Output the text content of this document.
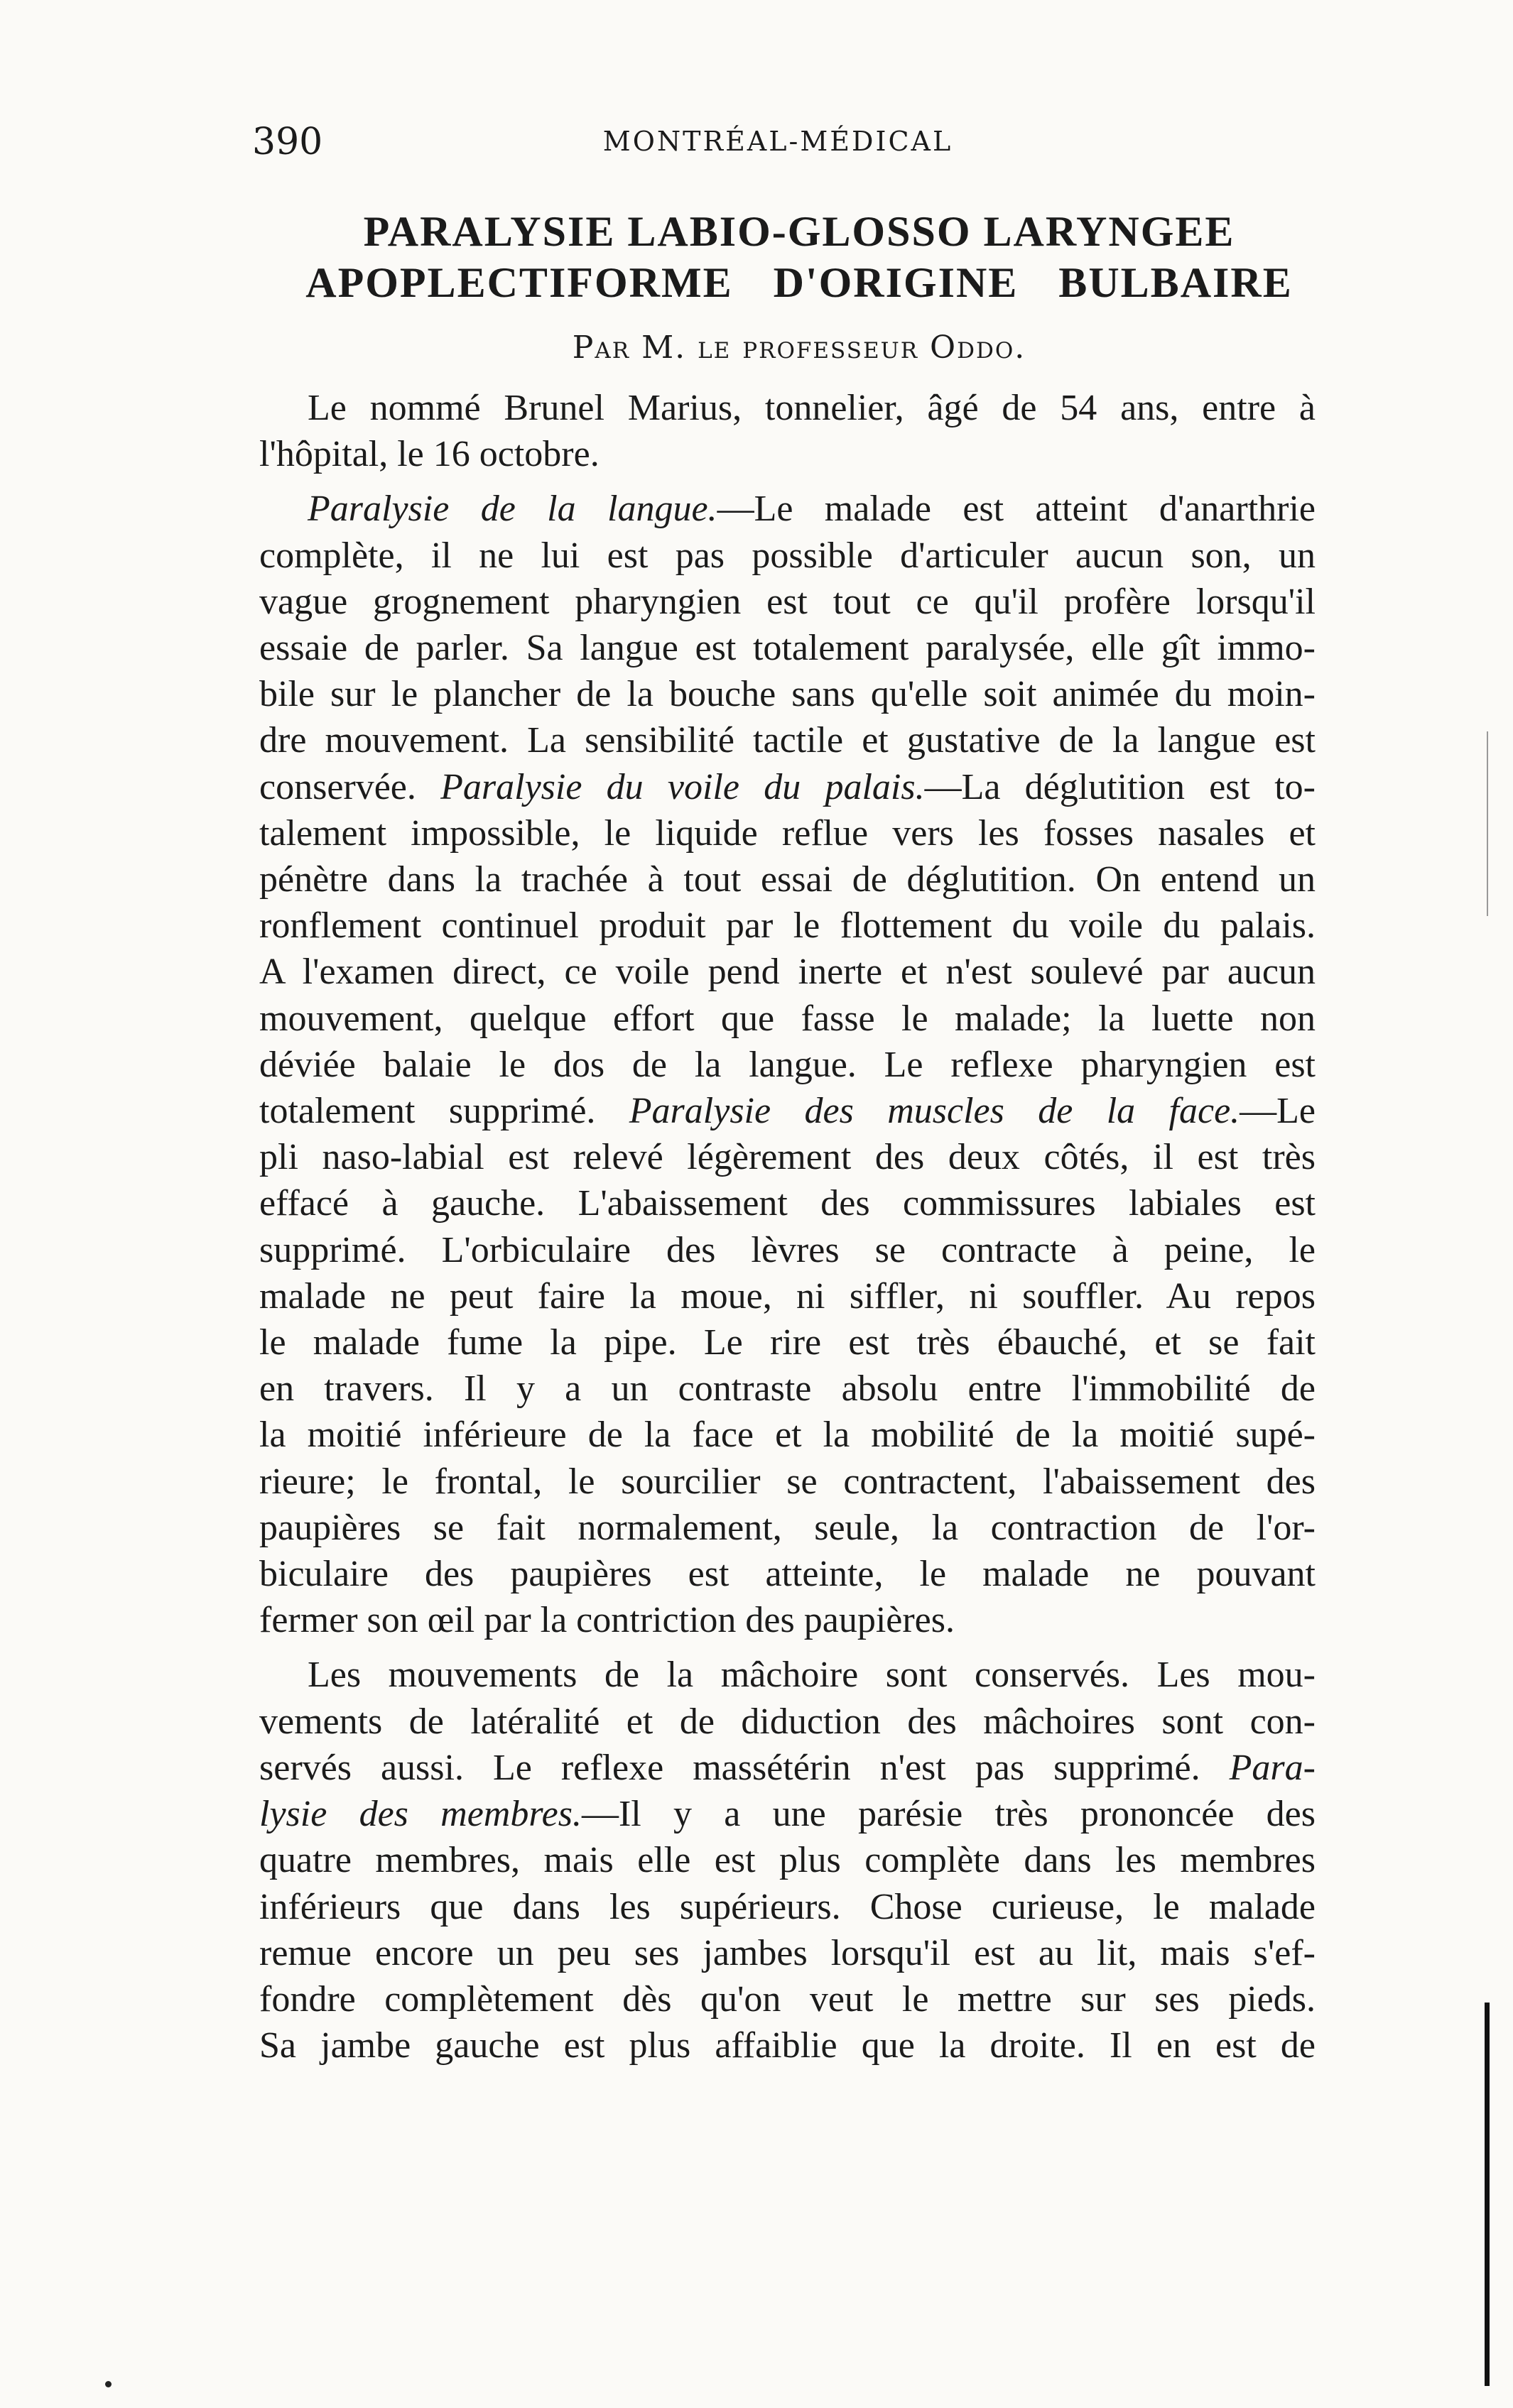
390	MONTRÉAL-MÉDICAL
PARALYSIE LABIO-GLOSSO LARYNGEE
APOPLECTIFORME D'ORIGINE BULBAIRE
Par M. le professeur Oddo.

Le nommé Brunel Marius, tonnelier, âgé de 54 ans, entre à
l'hôpital, le 16 octobre.

Paralysie de la langue.—Le malade est atteint d'anarthrie
complète, il ne lui est pas possible d'articuler aucun son, un
vague grognement pharyngien est tout ce qu'il profère lorsqu'il
essaie de parler. Sa langue est totalement paralysée, elle gît immo-
bile sur le plancher de la bouche sans qu'elle soit animée du moin-
dre mouvement. La sensibilité tactile et gustative de la langue est
conservée. Paralysie du voile du palais.—La déglutition est to-
talement impossible, le liquide reflue vers les fosses nasales et
pénètre dans la trachée à tout essai de déglutition. On entend un
ronflement continuel produit par le flottement du voile du palais.
A l'examen direct, ce voile pend inerte et n'est soulevé par aucun
mouvement, quelque effort que fasse le malade; la luette non
déviée balaie le dos de la langue. Le reflexe pharyngien est
totalement supprimé. Paralysie des muscles de la face.—Le
pli naso-labial est relevé légèrement des deux côtés, il est très
effacé à gauche. L'abaissement des commissures labiales est
supprimé. L'orbiculaire des lèvres se contracte à peine, le
malade ne peut faire la moue, ni siffler, ni souffler. Au repos
le malade fume la pipe. Le rire est très ébauché, et se fait
en travers. Il y a un contraste absolu entre l'immobilité de
la moitié inférieure de la face et la mobilité de la moitié supé-
rieure; le frontal, le sourcilier se contractent, l'abaissement des
paupières se fait normalement, seule, la contraction de l'or-
biculaire des paupières est atteinte, le malade ne pouvant
fermer son œil par la contriction des paupières.

Les mouvements de la mâchoire sont conservés. Les mou-
vements de latéralité et de diduction des mâchoires sont con-
servés aussi. Le reflexe massétérin n'est pas supprimé. Para-
lysie des membres.—Il y a une parésie très prononcée des
quatre membres, mais elle est plus complète dans les membres
inférieurs que dans les supérieurs. Chose curieuse, le malade
remue encore un peu ses jambes lorsqu'il est au lit, mais s'ef-
fondre complètement dès qu'on veut le mettre sur ses pieds.
Sa jambe gauche est plus affaiblie que la droite. Il en est de
